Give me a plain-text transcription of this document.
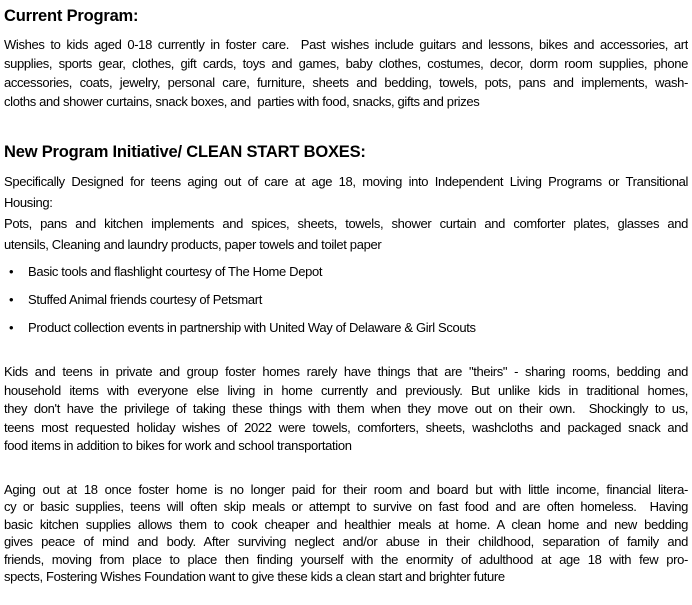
Current Program:
Wishes to kids aged 0-18 currently in foster care.  Past wishes include guitars and lessons, bikes and accessories, art
supplies, sports gear, clothes, gift cards, toys and games, baby clothes, costumes, decor, dorm room supplies, phone
accessories, coats, jewelry, personal care, furniture, sheets and bedding, towels, pots, pans and implements, wash-
cloths and shower curtains, snack boxes, and  parties with food, snacks, gifts and prizes
New Program Initiative/ CLEAN START BOXES:
Specifically Designed for teens aging out of care at age 18, moving into Independent Living Programs or Transitional
Housing:
Pots, pans and kitchen implements and spices, sheets, towels, shower curtain and comforter plates, glasses and
utensils, Cleaning and laundry products, paper towels and toilet paper
•	Basic tools and flashlight courtesy of The Home Depot
•	Stuffed Animal friends courtesy of Petsmart
•	Product collection events in partnership with United Way of Delaware & Girl Scouts
Kids and teens in private and group foster homes rarely have things that are "theirs" - sharing rooms, bedding and
household items with everyone else living in home currently and previously. But unlike kids in traditional homes,
they don't have the privilege of taking these things with them when they move out on their own.  Shockingly to us,
teens most requested holiday wishes of 2022 were towels, comforters, sheets, washcloths and packaged snack and
food items in addition to bikes for work and school transportation
Aging out at 18 once foster home is no longer paid for their room and board but with little income, financial litera-
cy or basic supplies, teens will often skip meals or attempt to survive on fast food and are often homeless.  Having
basic kitchen supplies allows them to cook cheaper and healthier meals at home. A clean home and new bedding
gives peace of mind and body. After surviving neglect and/or abuse in their childhood, separation of family and
friends, moving from place to place then finding yourself with the enormity of adulthood at age 18 with few pro-
spects, Fostering Wishes Foundation want to give these kids a clean start and brighter future
